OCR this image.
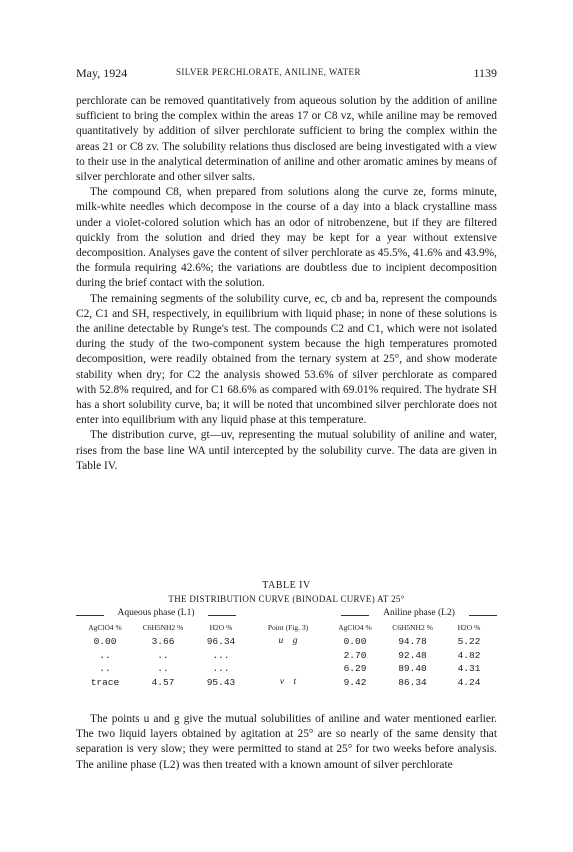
May, 1924	SILVER PERCHLORATE, ANILINE, WATER	1139

perchlorate can be removed quantitatively from aqueous solution by the addition of aniline sufficient to bring the complex within the areas 17 or C8 vz, while aniline may be removed quantitatively by addition of silver perchlorate sufficient to bring the complex within the areas 21 or C8 zv. The solubility relations thus disclosed are being investigated with a view to their use in the analytical determination of aniline and other aromatic amines by means of silver perchlorate and other silver salts.

The compound C8, when prepared from solutions along the curve ze, forms minute, milk-white needles which decompose in the course of a day into a black crystalline mass under a violet-colored solution which has an odor of nitrobenzene, but if they are filtered quickly from the solution and dried they may be kept for a year without extensive decomposition. Analyses gave the content of silver perchlorate as 45.5%, 41.6% and 43.9%, the formula requiring 42.6%; the variations are doubtless due to incipient decomposition during the brief contact with the solution.

The remaining segments of the solubility curve, ec, cb and ba, represent the compounds C2, C1 and SH, respectively, in equilibrium with liquid phase; in none of these solutions is the aniline detectable by Runge's test. The compounds C2 and C1, which were not isolated during the study of the two-component system because the high temperatures promoted decomposition, were readily obtained from the ternary system at 25°, and show moderate stability when dry; for C2 the analysis showed 53.6% of silver perchlorate as compared with 52.8% required, and for C1 68.6% as compared with 69.01% required. The hydrate SH has a short solubility curve, ba; it will be noted that uncombined silver perchlorate does not enter into equilibrium with any liquid phase at this temperature.

The distribution curve, gt—uv, representing the mutual solubility of aniline and water, rises from the base line WA until intercepted by the solubility curve. The data are given in Table IV.

TABLE IV
THE DISTRIBUTION CURVE (BINODAL CURVE) AT 25°
Aqueous phase (L1)	Aniline phase (L2)
AgClO4 %	C6H5NH2 %	H2O %	Point (Fig. 3)	AgClO4 %	C6H5NH2 %	H2O %
0.00	3.66	96.34	u    g	0.00	94.78	5.22
..	..	...		2.70	92.48	4.82
..	..	...		6.29	89.40	4.31
trace	4.57	95.43	v    t	9.42	86.34	4.24

The points u and g give the mutual solubilities of aniline and water mentioned earlier. The two liquid layers obtained by agitation at 25° are so nearly of the same density that separation is very slow; they were permitted to stand at 25° for two weeks before analysis. The aniline phase (L2) was then treated with a known amount of silver perchlorate
